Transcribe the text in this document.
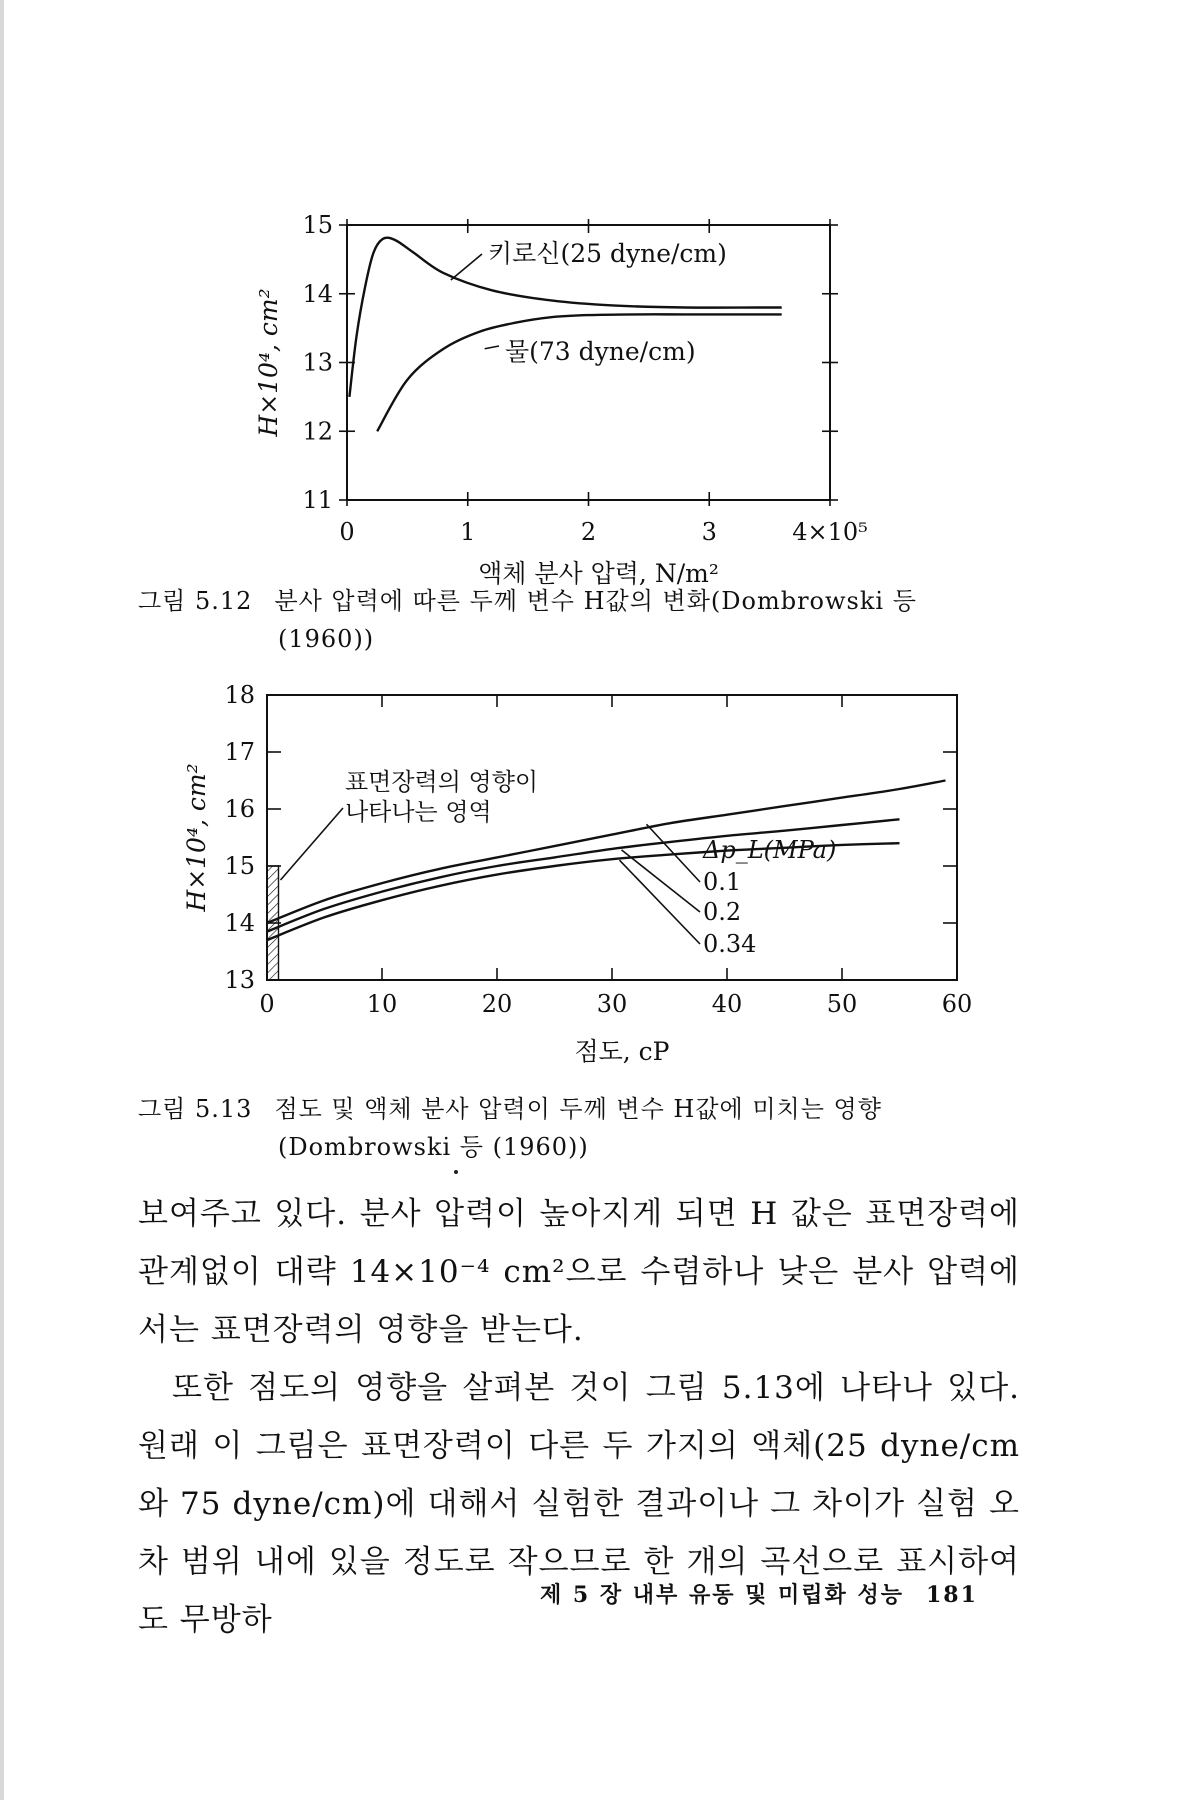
0	1	2	3	4×10⁵
11
12
13
14
15
액체 분사 압력, N/m²
H×10⁴, cm²
키로신(25 dyne/cm)
물(73 dyne/cm)
그림 5.12 분사 압력에 따른 두께 변수 H값의 변화(Dombrowski 등
(1960))
0	10	20	30	40	50	60
13
14
15
16
17
18
점도, cP
H×10⁴, cm²	표면장력의 영향이
나타나는 영역
Δp_L(MPa)
0.1
0.2
0.34
그림 5.13 점도 및 액체 분사 압력이 두께 변수 H값에 미치는 영향
(Dombrowski 등 (1960))

보여주고 있다. 분사 압력이 높아지게 되면 H 값은 표면장력에 관계없이 대략 14×10⁻⁴ cm²으로 수렴하나 낮은 분사 압력에서는 표면장력의 영향을 받는다.

또한 점도의 영향을 살펴본 것이 그림 5.13에 나타나 있다. 원래 이 그림은 표면장력이 다른 두 가지의 액체(25 dyne/cm와 75 dyne/cm)에 대해서 실험한 결과이나 그 차이가 실험 오차 범위 내에 있을 정도로 작으므로 한 개의 곡선으로 표시하여도 무방하

제 5 장 내부 유동 및 미립화 성능 181
